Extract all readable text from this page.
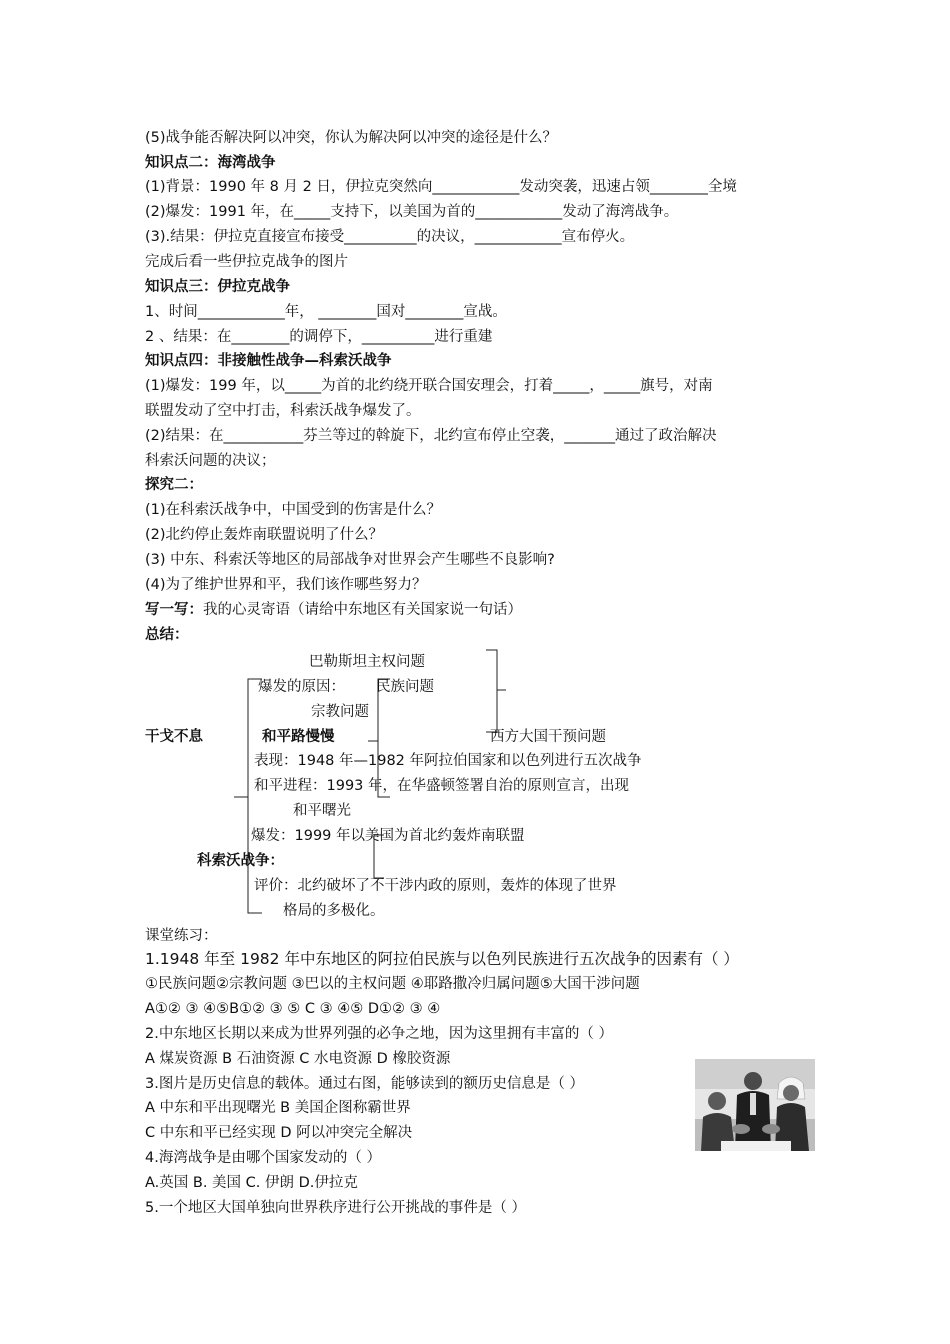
(5)战争能否解决阿以冲突，你认为解决阿以冲突的途径是什么？
知识点二：海湾战争
(1)背景：1990 年 8 月 2 日，伊拉克突然向____________发动突袭，迅速占领________全境
(2)爆发：1991 年，在_____支持下，以美国为首的____________发动了海湾战争。
(3).结果：伊拉克直接宣布接受__________的决议，____________宣布停火。
完成后看一些伊拉克战争的图片
知识点三：伊拉克战争
1、时间____________年， ________国对________宣战。
2 、结果：在________的调停下，__________进行重建
知识点四：非接触性战争—科索沃战争
(1)爆发：199 年，以_____为首的北约绕开联合国安理会，打着_____，_____旗号，对南
联盟发动了空中打击，科索沃战争爆发了。
(2)结果：在___________芬兰等过的斡旋下，北约宣布停止空袭，_______通过了政治解决
科索沃问题的决议；
探究二：
(1)在科索沃战争中，中国受到的伤害是什么？
(2)北约停止轰炸南联盟说明了什么？
(3) 中东、科索沃等地区的局部战争对世界会产生哪些不良影响?
(4)为了维护世界和平，我们该作哪些努力？
写一写：我的心灵寄语（请给中东地区有关国家说一句话）
总结：
干戈不息
巴勒斯坦主权问题
爆发的原因： 民族问题
宗教问题
和平路慢慢	西方大国干预问题
表现：1948 年—1982 年阿拉伯国家和以色列进行五次战争
和平进程：1993 年，在华盛顿签署自治的原则宣言，出现
和平曙光
爆发：1999 年以美国为首北约轰炸南联盟
科索沃战争：
评价：北约破坏了不干涉内政的原则，轰炸的体现了世界
格局的多极化。
课堂练习：
1.1948 年至 1982 年中东地区的阿拉伯民族与以色列民族进行五次战争的因素有（ ）
①民族问题②宗教问题 ③巴以的主权问题 ④耶路撒冷归属问题⑤大国干涉问题
A①② ③ ④⑤B①② ③ ⑤ C ③ ④⑤ D①② ③ ④
2.中东地区长期以来成为世界列强的必争之地，因为这里拥有丰富的（ ）
A 煤炭资源 B 石油资源 C 水电资源 D 橡胶资源
3.图片是历史信息的载体。通过右图，能够读到的额历史信息是（ ）
A 中东和平出现曙光 B 美国企图称霸世界
C 中东和平已经实现 D 阿以冲突完全解决
4.海湾战争是由哪个国家发动的（ ）
A.英国 B. 美国 C. 伊朗 D.伊拉克
5.一个地区大国单独向世界秩序进行公开挑战的事件是（ ）
